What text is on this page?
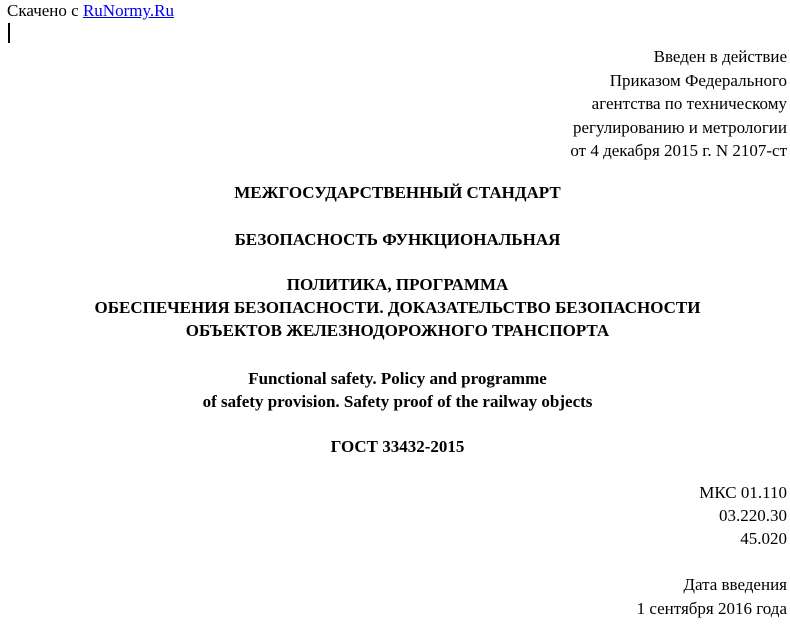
Скачено с RuNormy.Ru
Введен в действие
Приказом Федерального
агентства по техническому
регулированию и метрологии
от 4 декабря 2015 г. N 2107-ст
МЕЖГОСУДАРСТВЕННЫЙ СТАНДАРТ
БЕЗОПАСНОСТЬ ФУНКЦИОНАЛЬНАЯ
ПОЛИТИКА, ПРОГРАММА
ОБЕСПЕЧЕНИЯ БЕЗОПАСНОСТИ. ДОКАЗАТЕЛЬСТВО БЕЗОПАСНОСТИ
ОБЪЕКТОВ ЖЕЛЕЗНОДОРОЖНОГО ТРАНСПОРТА
Functional safety. Policy and programme
of safety provision. Safety proof of the railway objects
ГОСТ 33432-2015
МКС 01.110
03.220.30
45.020
Дата введения
1 сентября 2016 года
